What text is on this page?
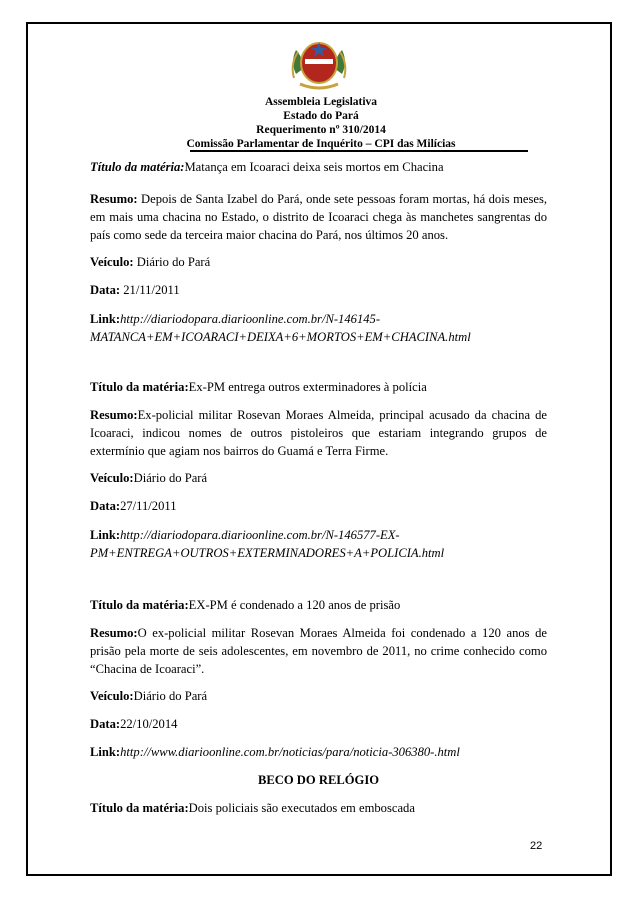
Assembleia Legislativa
Estado do Pará
Requerimento nº 310/2014
Comissão Parlamentar de Inquérito – CPI das Milícias

Título da matéria:Matança em Icoaraci deixa seis mortos em Chacina

Resumo: Depois de Santa Izabel do Pará, onde sete pessoas foram mortas, há dois meses, em mais uma chacina no Estado, o distrito de Icoaraci chega às manchetes sangrentas do país como sede da terceira maior chacina do Pará, nos últimos 20 anos.

Veículo: Diário do Pará

Data: 21/11/2011

Link:http://diariodopara.diarioonline.com.br/N-146145-

MATANCA+EM+ICOARACI+DEIXA+6+MORTOS+EM+CHACINA.html

Título da matéria:Ex-PM entrega outros exterminadores à polícia

Resumo:Ex-policial militar Rosevan Moraes Almeida, principal acusado da chacina de Icoaraci, indicou nomes de outros pistoleiros que estariam integrando grupos de extermínio que agiam nos bairros do Guamá e Terra Firme.

Veículo:Diário do Pará

Data:27/11/2011

Link:http://diariodopara.diarioonline.com.br/N-146577-EX-

PM+ENTREGA+OUTROS+EXTERMINADORES+A+POLICIA.html

Título da matéria:EX-PM é condenado a 120 anos de prisão

Resumo:O ex-policial militar Rosevan Moraes Almeida foi condenado a 120 anos de prisão pela morte de seis adolescentes, em novembro de 2011, no crime conhecido como “Chacina de Icoaraci”.

Veículo:Diário do Pará

Data:22/10/2014

Link:http://www.diarioonline.com.br/noticias/para/noticia-306380-.html

BECO DO RELÓGIO

Título da matéria:Dois policiais são executados em emboscada

22
